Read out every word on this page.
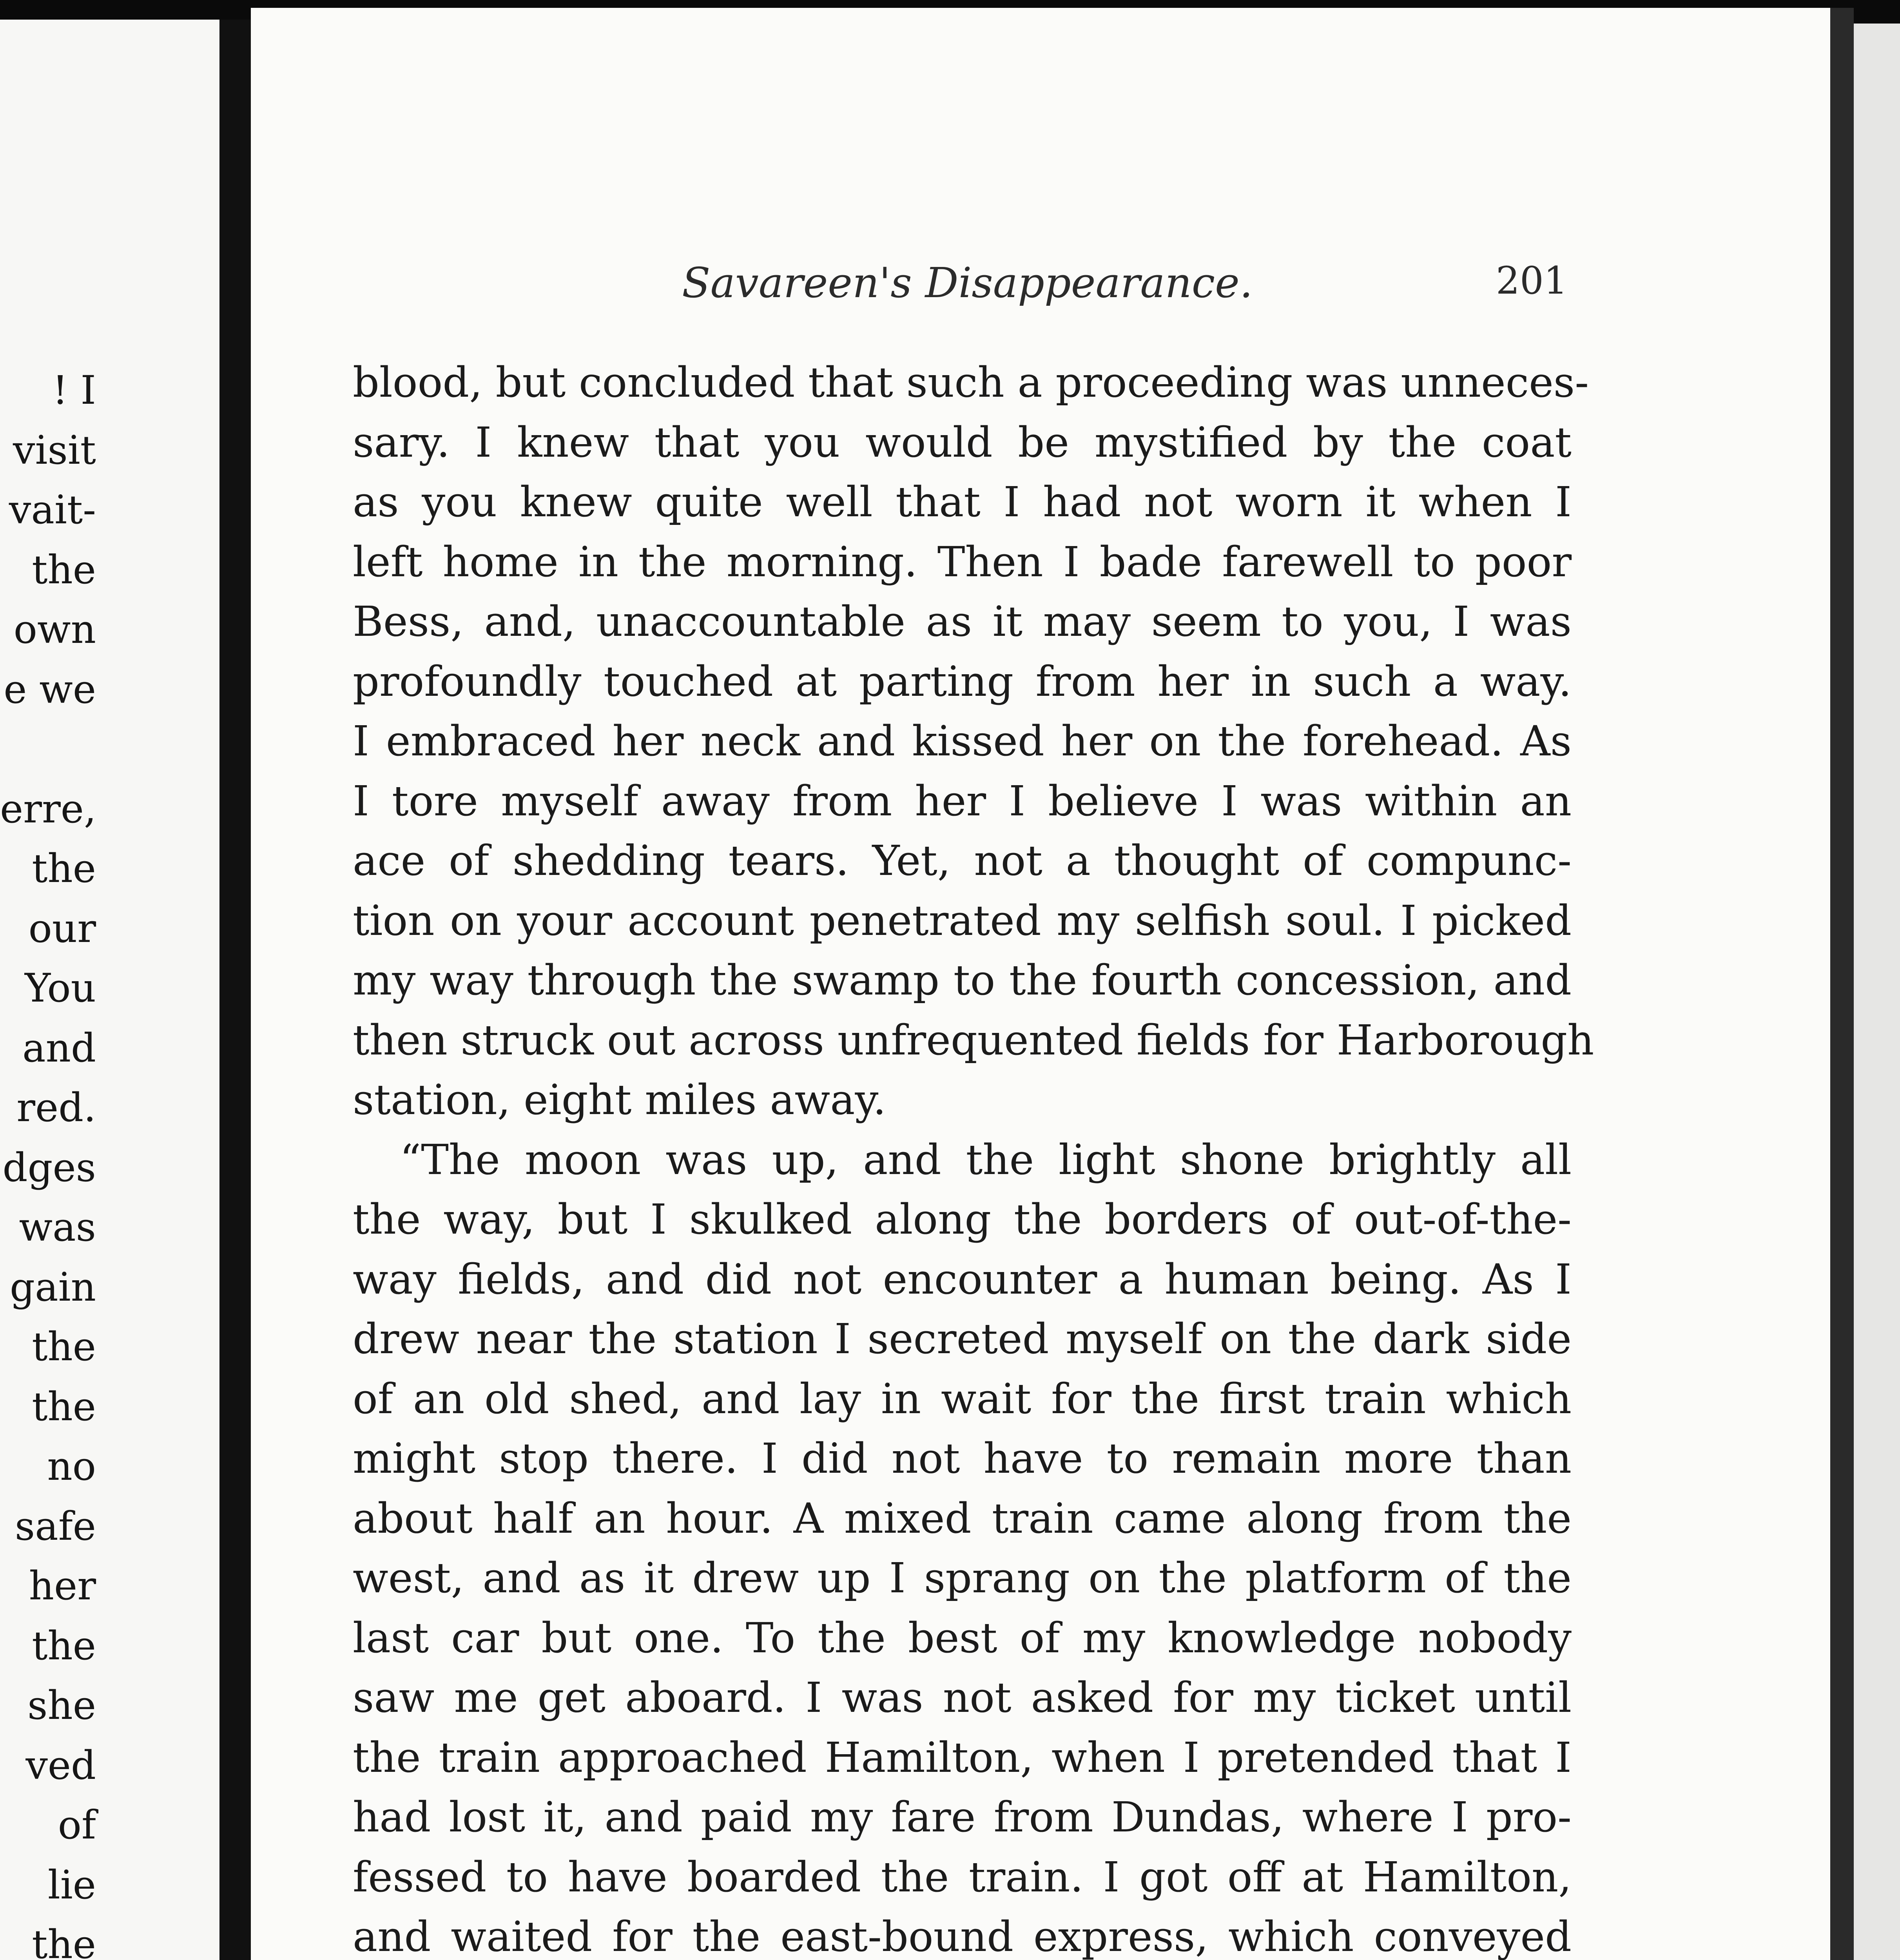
! I
visit
vait-
the
own
e we

erre,
the
our
You
and
red.
dges
was
gain
the
the
no
safe
her
the
she
ved
of
lie
the
Savareen's Disappearance.	201
blood, but concluded that such a proceeding was unneces-
sary. I knew that you would be mystified by the coat
as you knew quite well that I had not worn it when I
left home in the morning. Then I bade farewell to poor
Bess, and, unaccountable as it may seem to you, I was
profoundly touched at parting from her in such a way.
I embraced her neck and kissed her on the forehead. As
I tore myself away from her I believe I was within an
ace of shedding tears. Yet, not a thought of compunc-
tion on your account penetrated my selfish soul. I picked
my way through the swamp to the fourth concession, and
then struck out across unfrequented fields for Harborough
station, eight miles away.
“The moon was up, and the light shone brightly all
the way, but I skulked along the borders of out-of-the-
way fields, and did not encounter a human being. As I
drew near the station I secreted myself on the dark side
of an old shed, and lay in wait for the first train which
might stop there. I did not have to remain more than
about half an hour. A mixed train came along from the
west, and as it drew up I sprang on the platform of the
last car but one. To the best of my knowledge nobody
saw me get aboard. I was not asked for my ticket until
the train approached Hamilton, when I pretended that I
had lost it, and paid my fare from Dundas, where I pro-
fessed to have boarded the train. I got off at Hamilton,
and waited for the east-bound express, which conveyed
